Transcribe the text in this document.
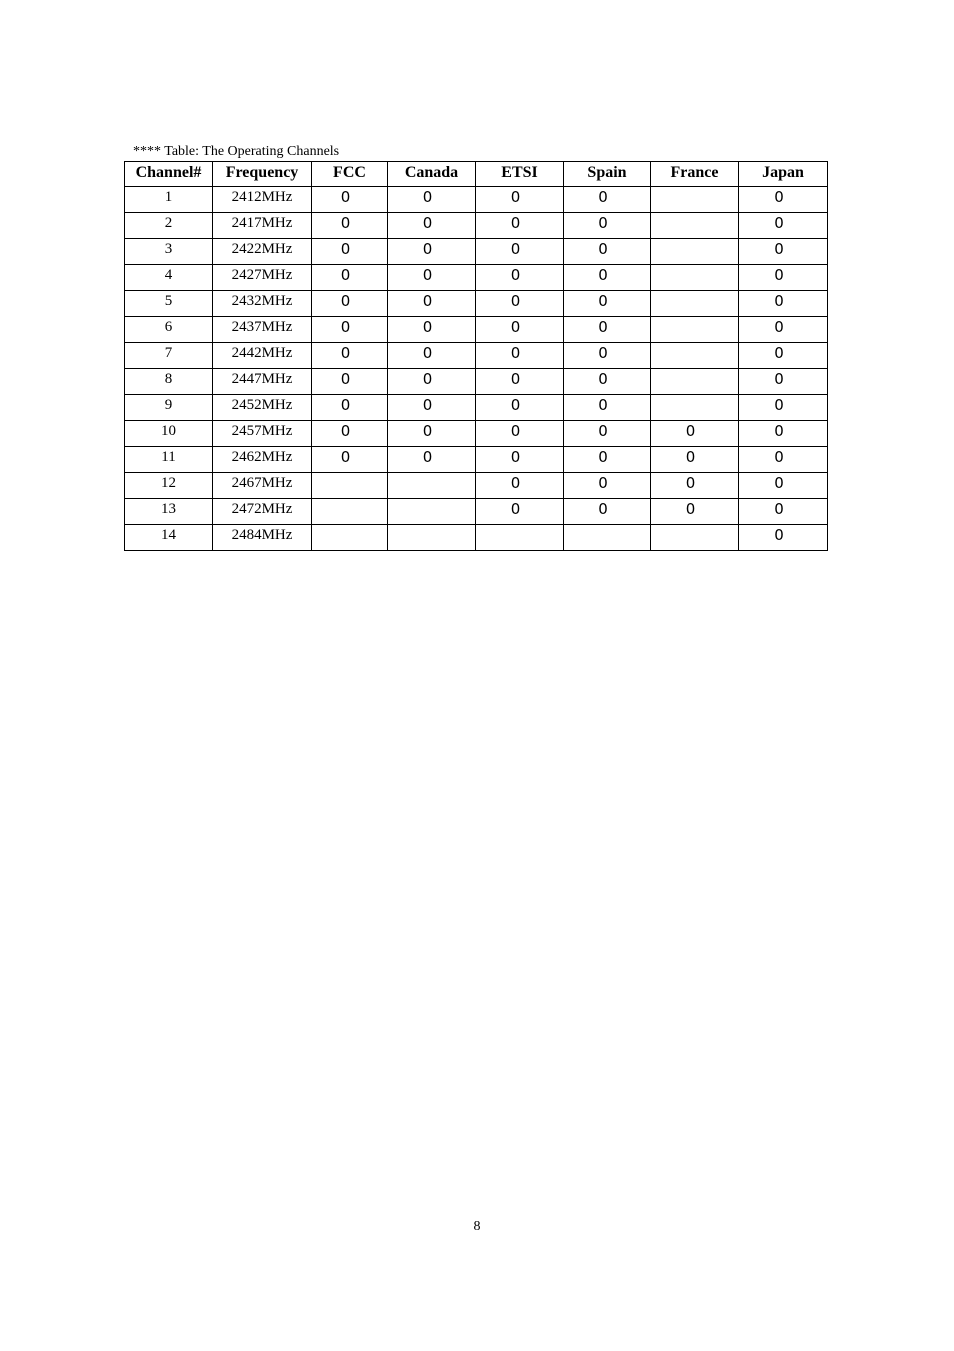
**** Table: The Operating Channels
Channel#	Frequency	FCC	Canada	ETSI	Spain	France	Japan
1	2412MHz	0	0	0	0		0
2	2417MHz	0	0	0	0		0
3	2422MHz	0	0	0	0		0
4	2427MHz	0	0	0	0		0
5	2432MHz	0	0	0	0		0
6	2437MHz	0	0	0	0		0
7	2442MHz	0	0	0	0		0
8	2447MHz	0	0	0	0		0
9	2452MHz	0	0	0	0		0
10	2457MHz	0	0	0	0	0	0
11	2462MHz	0	0	0	0	0	0
12	2467MHz			0	0	0	0
13	2472MHz			0	0	0	0
14	2484MHz						0
8
